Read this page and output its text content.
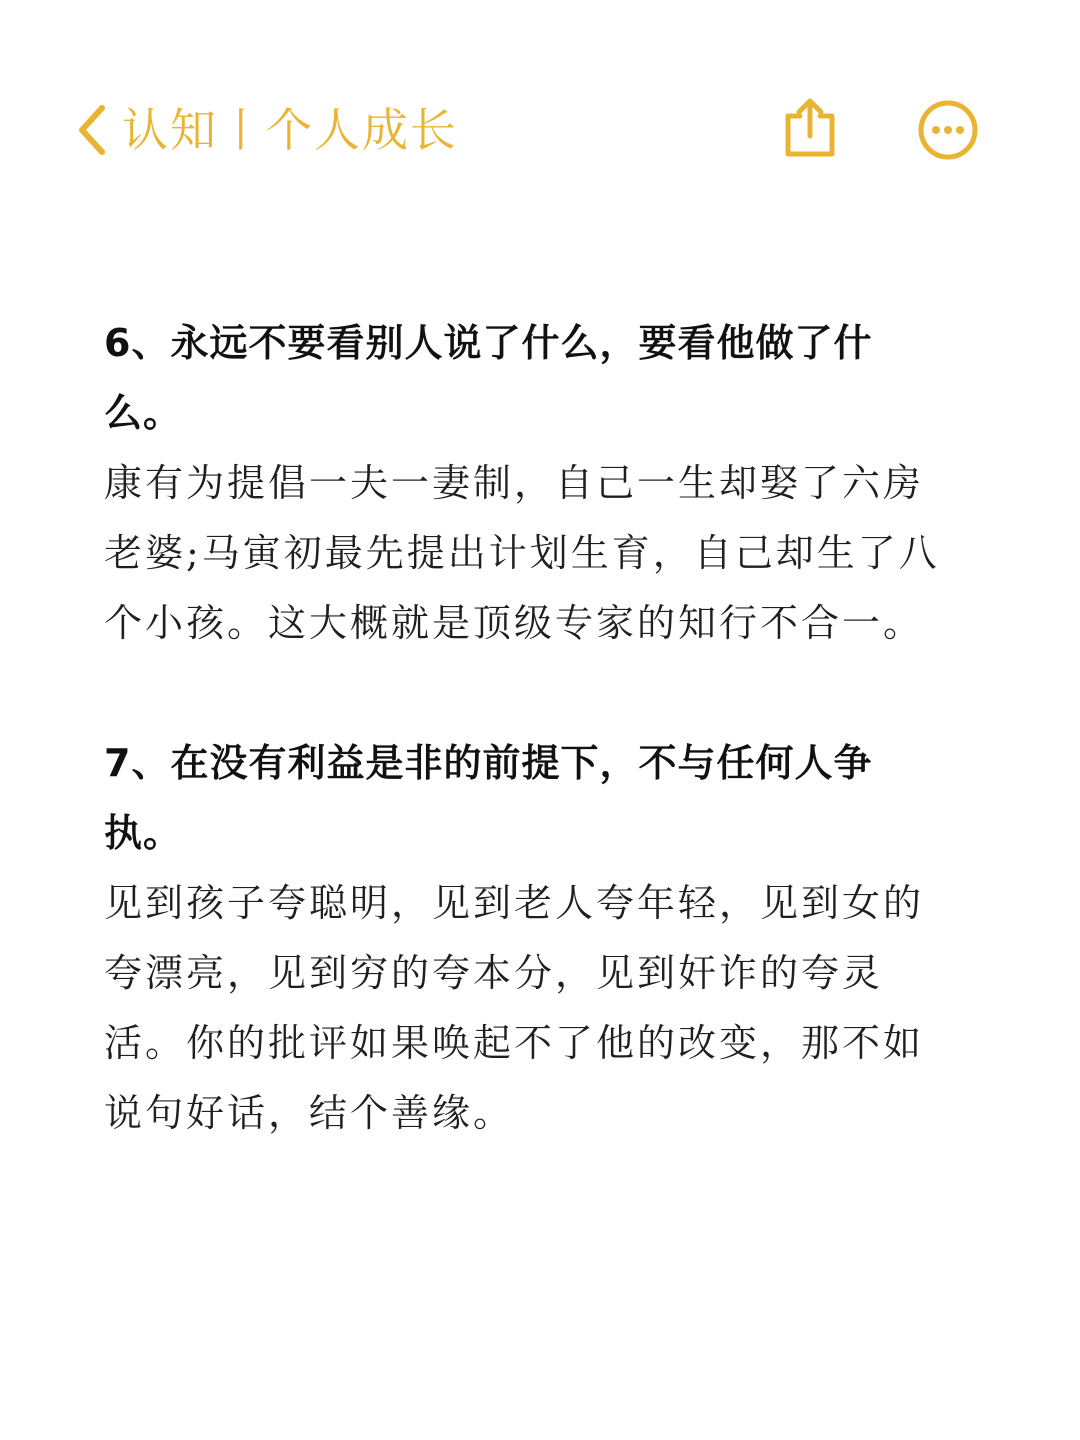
认知丨个人成长

6、永远不要看别人说了什么，要看他做了什么。

康有为提倡一夫一妻制，自己一生却娶了六房老婆;马寅初最先提出计划生育，自己却生了八个小孩。这大概就是顶级专家的知行不合一。

7、在没有利益是非的前提下，不与任何人争执。

见到孩子夸聪明，见到老人夸年轻，见到女的夸漂亮，见到穷的夸本分，见到奸诈的夸灵活。你的批评如果唤起不了他的改变，那不如说句好话，结个善缘。
